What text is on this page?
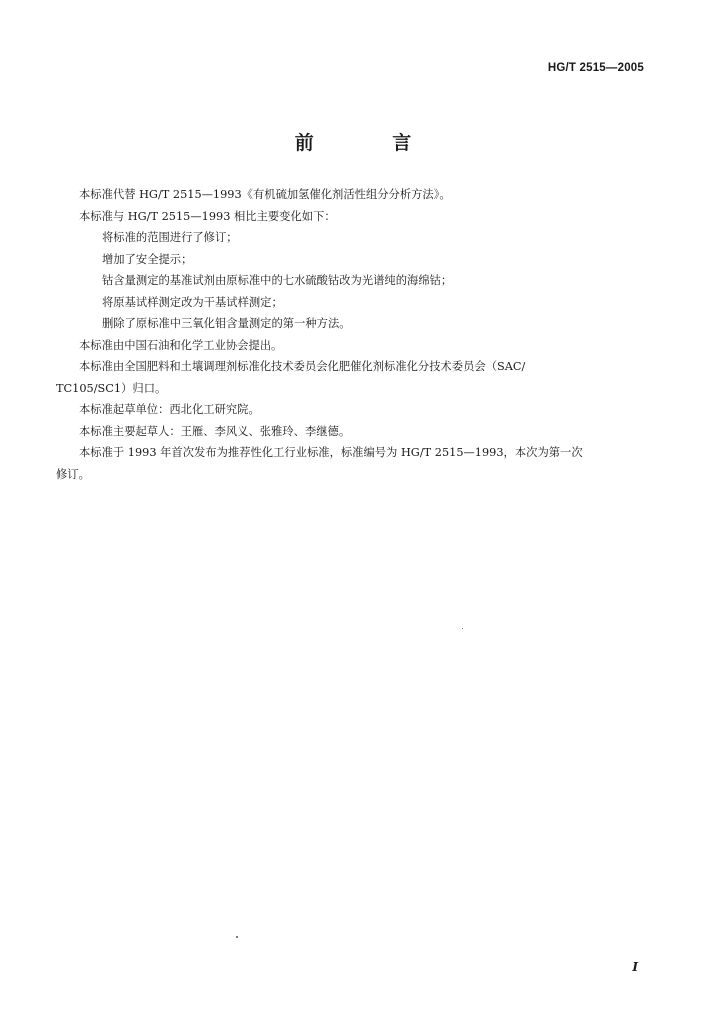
HG/T 2515—2005
前 言

本标准代替 HG/T 2515—1993《有机硫加氢催化剂活性组分分析方法》。

本标准与 HG/T 2515—1993 相比主要变化如下：

将标准的范围进行了修订；

增加了安全提示；

钴含量测定的基准试剂由原标准中的七水硫酸钴改为光谱纯的海绵钴；

将原基试样测定改为干基试样测定；

删除了原标准中三氧化钼含量测定的第一种方法。

本标准由中国石油和化学工业协会提出。

本标准由全国肥料和土壤调理剂标准化技术委员会化肥催化剂标准化分技术委员会（SAC/

TC105/SC1）归口。

本标准起草单位：西北化工研究院。

本标准主要起草人：王雁、李风义、张雅玲、李继德。

本标准于 1993 年首次发布为推荐性化工行业标准，标准编号为 HG/T 2515—1993，本次为第一次

修订。

I
